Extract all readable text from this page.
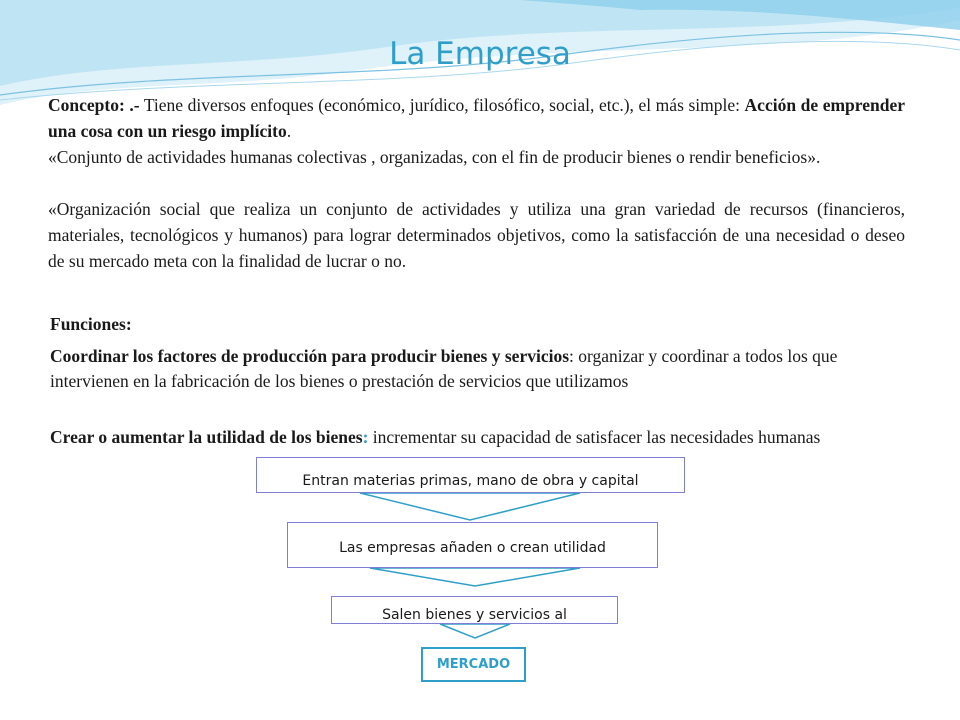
La Empresa
Concepto: .- Tiene diversos enfoques (económico, jurídico, filosófico, social, etc.), el más simple: Acción de emprender una cosa con un riesgo implícito.
«Conjunto de actividades humanas colectivas , organizadas, con el fin de producir bienes o rendir beneficios».
«Organización social que realiza un conjunto de actividades y utiliza una gran variedad de recursos (financieros, materiales, tecnológicos y humanos) para lograr determinados objetivos, como la satisfacción de una necesidad o deseo de su mercado meta con la finalidad de lucrar o no.
Funciones:
Coordinar los factores de producción para producir bienes y servicios: organizar y coordinar a todos los que intervienen en la fabricación de los bienes o prestación de servicios que utilizamos
Crear o aumentar la utilidad de los bienes: incrementar su capacidad de satisfacer las necesidades humanas
Entran materias primas, mano de obra y capital
Las empresas añaden o crean utilidad
Salen bienes y servicios al
MERCADO
